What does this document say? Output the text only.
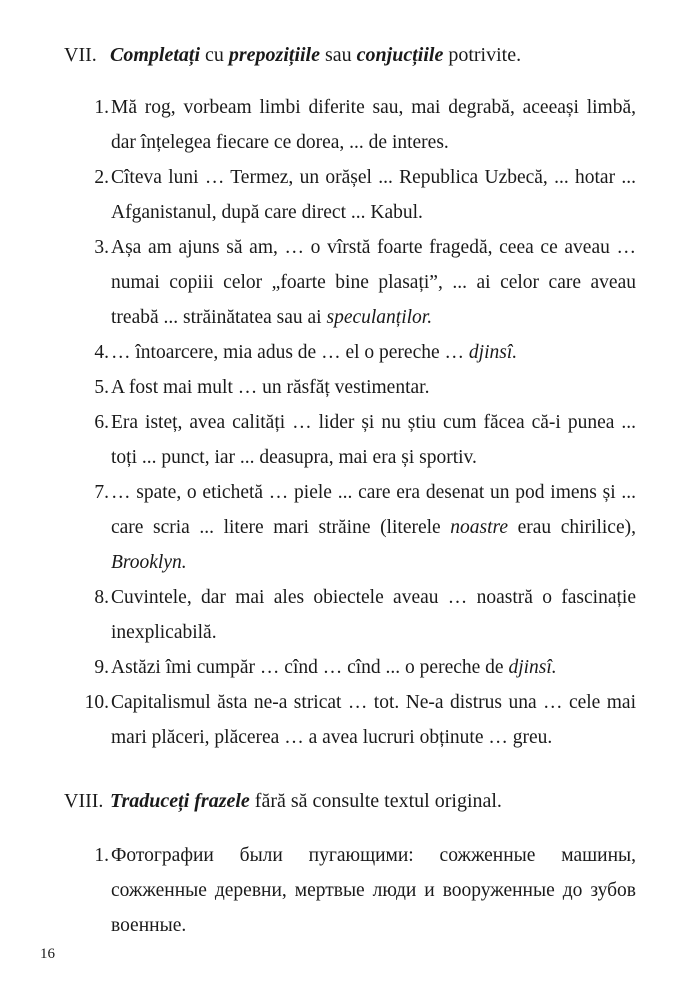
VII. Completați cu prepozițiile sau conjucțiile potrivite.
1. Mă rog, vorbeam limbi diferite sau, mai degrabă, aceeași limbă, dar înțelegea fiecare ce dorea, ... de interes.
2. Cîteva luni … Termez, un orășel ... Republica Uzbecă, ... hotar ... Afganistanul, după care direct ... Kabul.
3. Așa am ajuns să am, … o vîrstă foarte fragedă, ceea ce aveau … numai copiii celor „foarte bine plasați”, ... ai celor care aveau treabă ... străinătatea sau ai speculanților.
4. … întoarcere, mia adus de … el o pereche … djinsî.
5. A fost mai mult … un răsfăț vestimentar.
6. Era isteț, avea calități … lider și nu știu cum făcea că-i punea ... toți ... punct, iar ... deasupra, mai era și sportiv.
7. … spate, o etichetă … piele ... care era desenat un pod imens și ... care scria ... litere mari străine (literele noastre erau chirilice), Brooklyn.
8. Cuvintele, dar mai ales obiectele aveau … noastră o fascinație inexplicabilă.
9. Astăzi îmi cumpăr … cînd … cînd ... o pereche de djinsî.
10. Capitalismul ăsta ne-a stricat … tot. Ne-a distrus una … cele mai mari plăceri, plăcerea … a avea lucruri obținute … greu.
VIII. Traduceți frazele fără să consulte textul original.
1. Фотографии были пугающими: сожженные машины, сожженные деревни, мертвые люди и вооруженные до зубов военные.
16
